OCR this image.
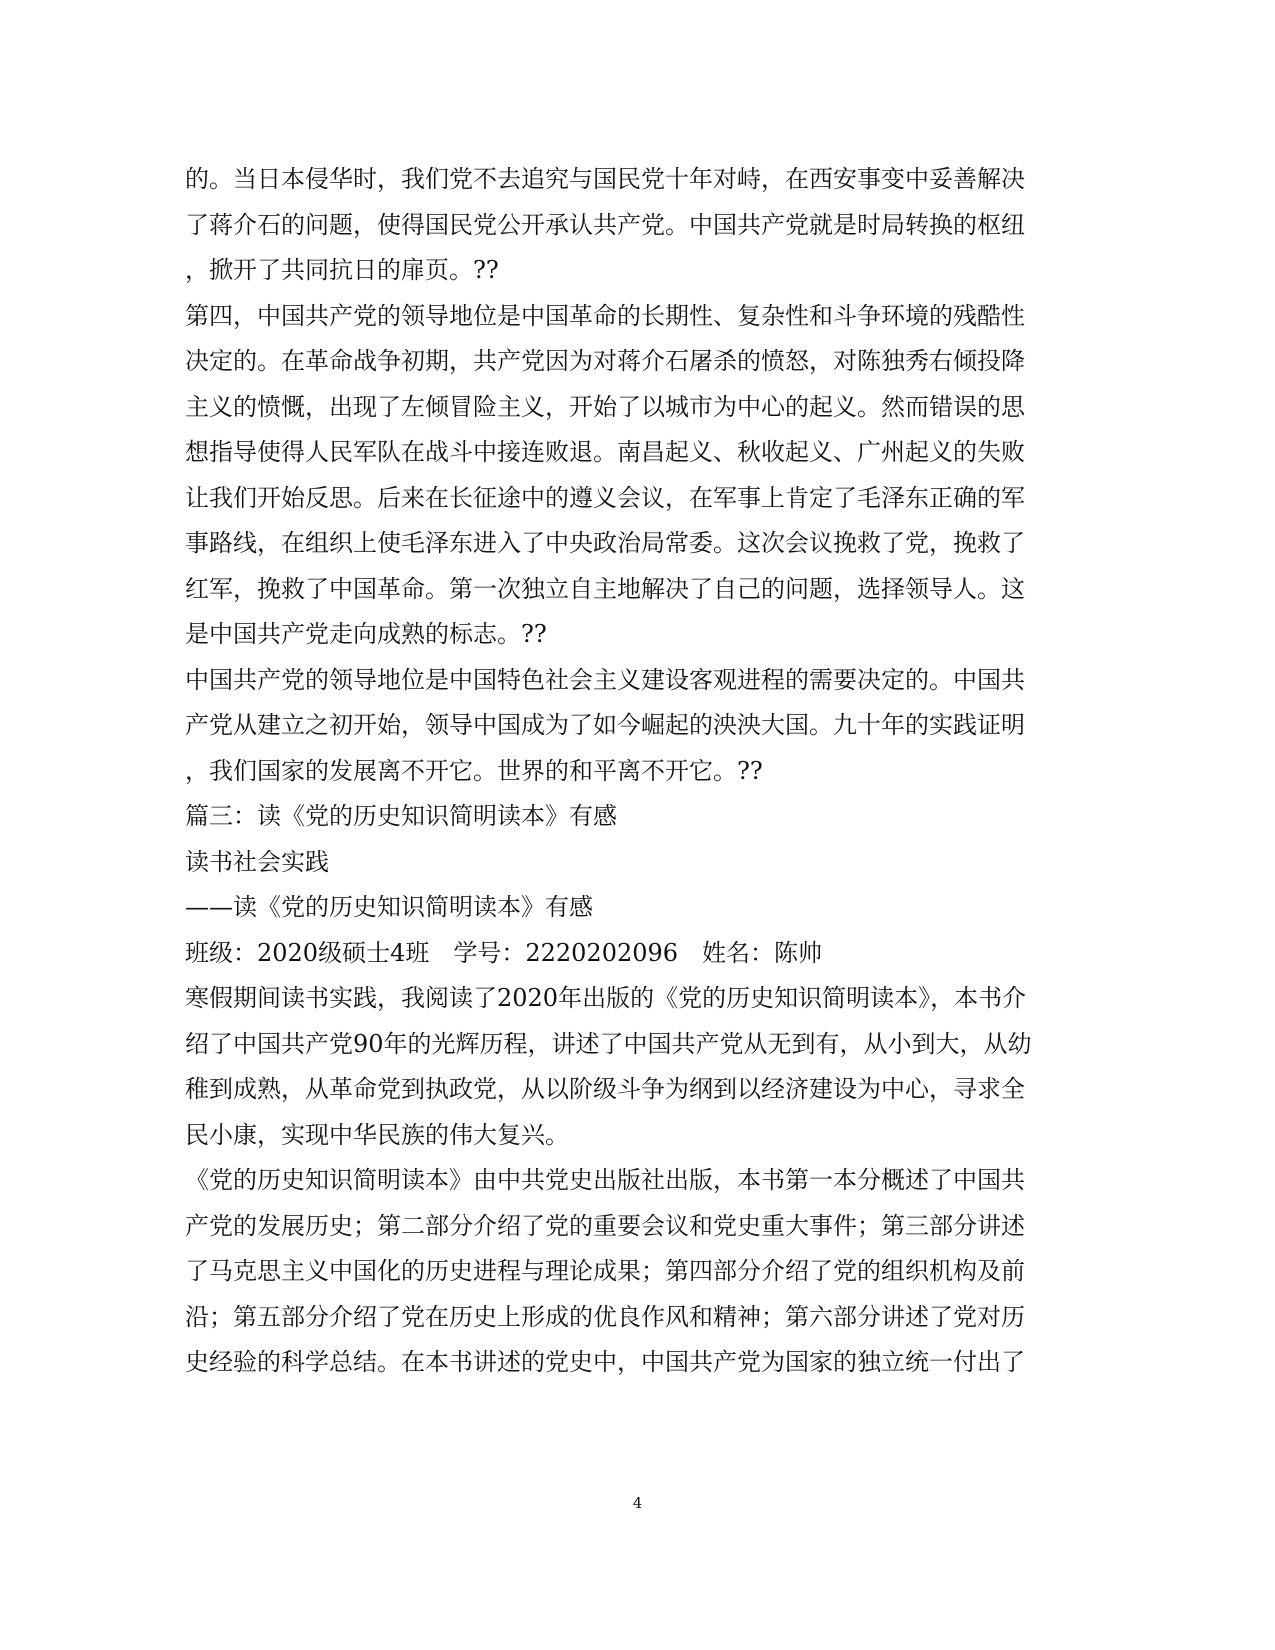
的。当日本侵华时，我们党不去追究与国民党十年对峙，在西安事变中妥善解决
了蒋介石的问题，使得国民党公开承认共产党。中国共产党就是时局转换的枢纽
，掀开了共同抗日的扉页。??
第四，中国共产党的领导地位是中国革命的长期性、复杂性和斗争环境的残酷性
决定的。在革命战争初期，共产党因为对蒋介石屠杀的愤怒，对陈独秀右倾投降
主义的愤慨，出现了左倾冒险主义，开始了以城市为中心的起义。然而错误的思
想指导使得人民军队在战斗中接连败退。南昌起义、秋收起义、广州起义的失败
让我们开始反思。后来在长征途中的遵义会议，在军事上肯定了毛泽东正确的军
事路线，在组织上使毛泽东进入了中央政治局常委。这次会议挽救了党，挽救了
红军，挽救了中国革命。第一次独立自主地解决了自己的问题，选择领导人。这
是中国共产党走向成熟的标志。??
中国共产党的领导地位是中国特色社会主义建设客观进程的需要决定的。中国共
产党从建立之初开始，领导中国成为了如今崛起的泱泱大国。九十年的实践证明
，我们国家的发展离不开它。世界的和平离不开它。??
篇三：读《党的历史知识简明读本》有感
读书社会实践
——读《党的历史知识简明读本》有感
班级：2020级硕士4班　学号：2220202096　姓名：陈帅
寒假期间读书实践，我阅读了2020年出版的《党的历史知识简明读本》，本书介
绍了中国共产党90年的光辉历程，讲述了中国共产党从无到有，从小到大，从幼
稚到成熟，从革命党到执政党，从以阶级斗争为纲到以经济建设为中心，寻求全
民小康，实现中华民族的伟大复兴。
《党的历史知识简明读本》由中共党史出版社出版，本书第一本分概述了中国共
产党的发展历史；第二部分介绍了党的重要会议和党史重大事件；第三部分讲述
了马克思主义中国化的历史进程与理论成果；第四部分介绍了党的组织机构及前
沿；第五部分介绍了党在历史上形成的优良作风和精神；第六部分讲述了党对历
史经验的科学总结。在本书讲述的党史中，中国共产党为国家的独立统一付出了
4
